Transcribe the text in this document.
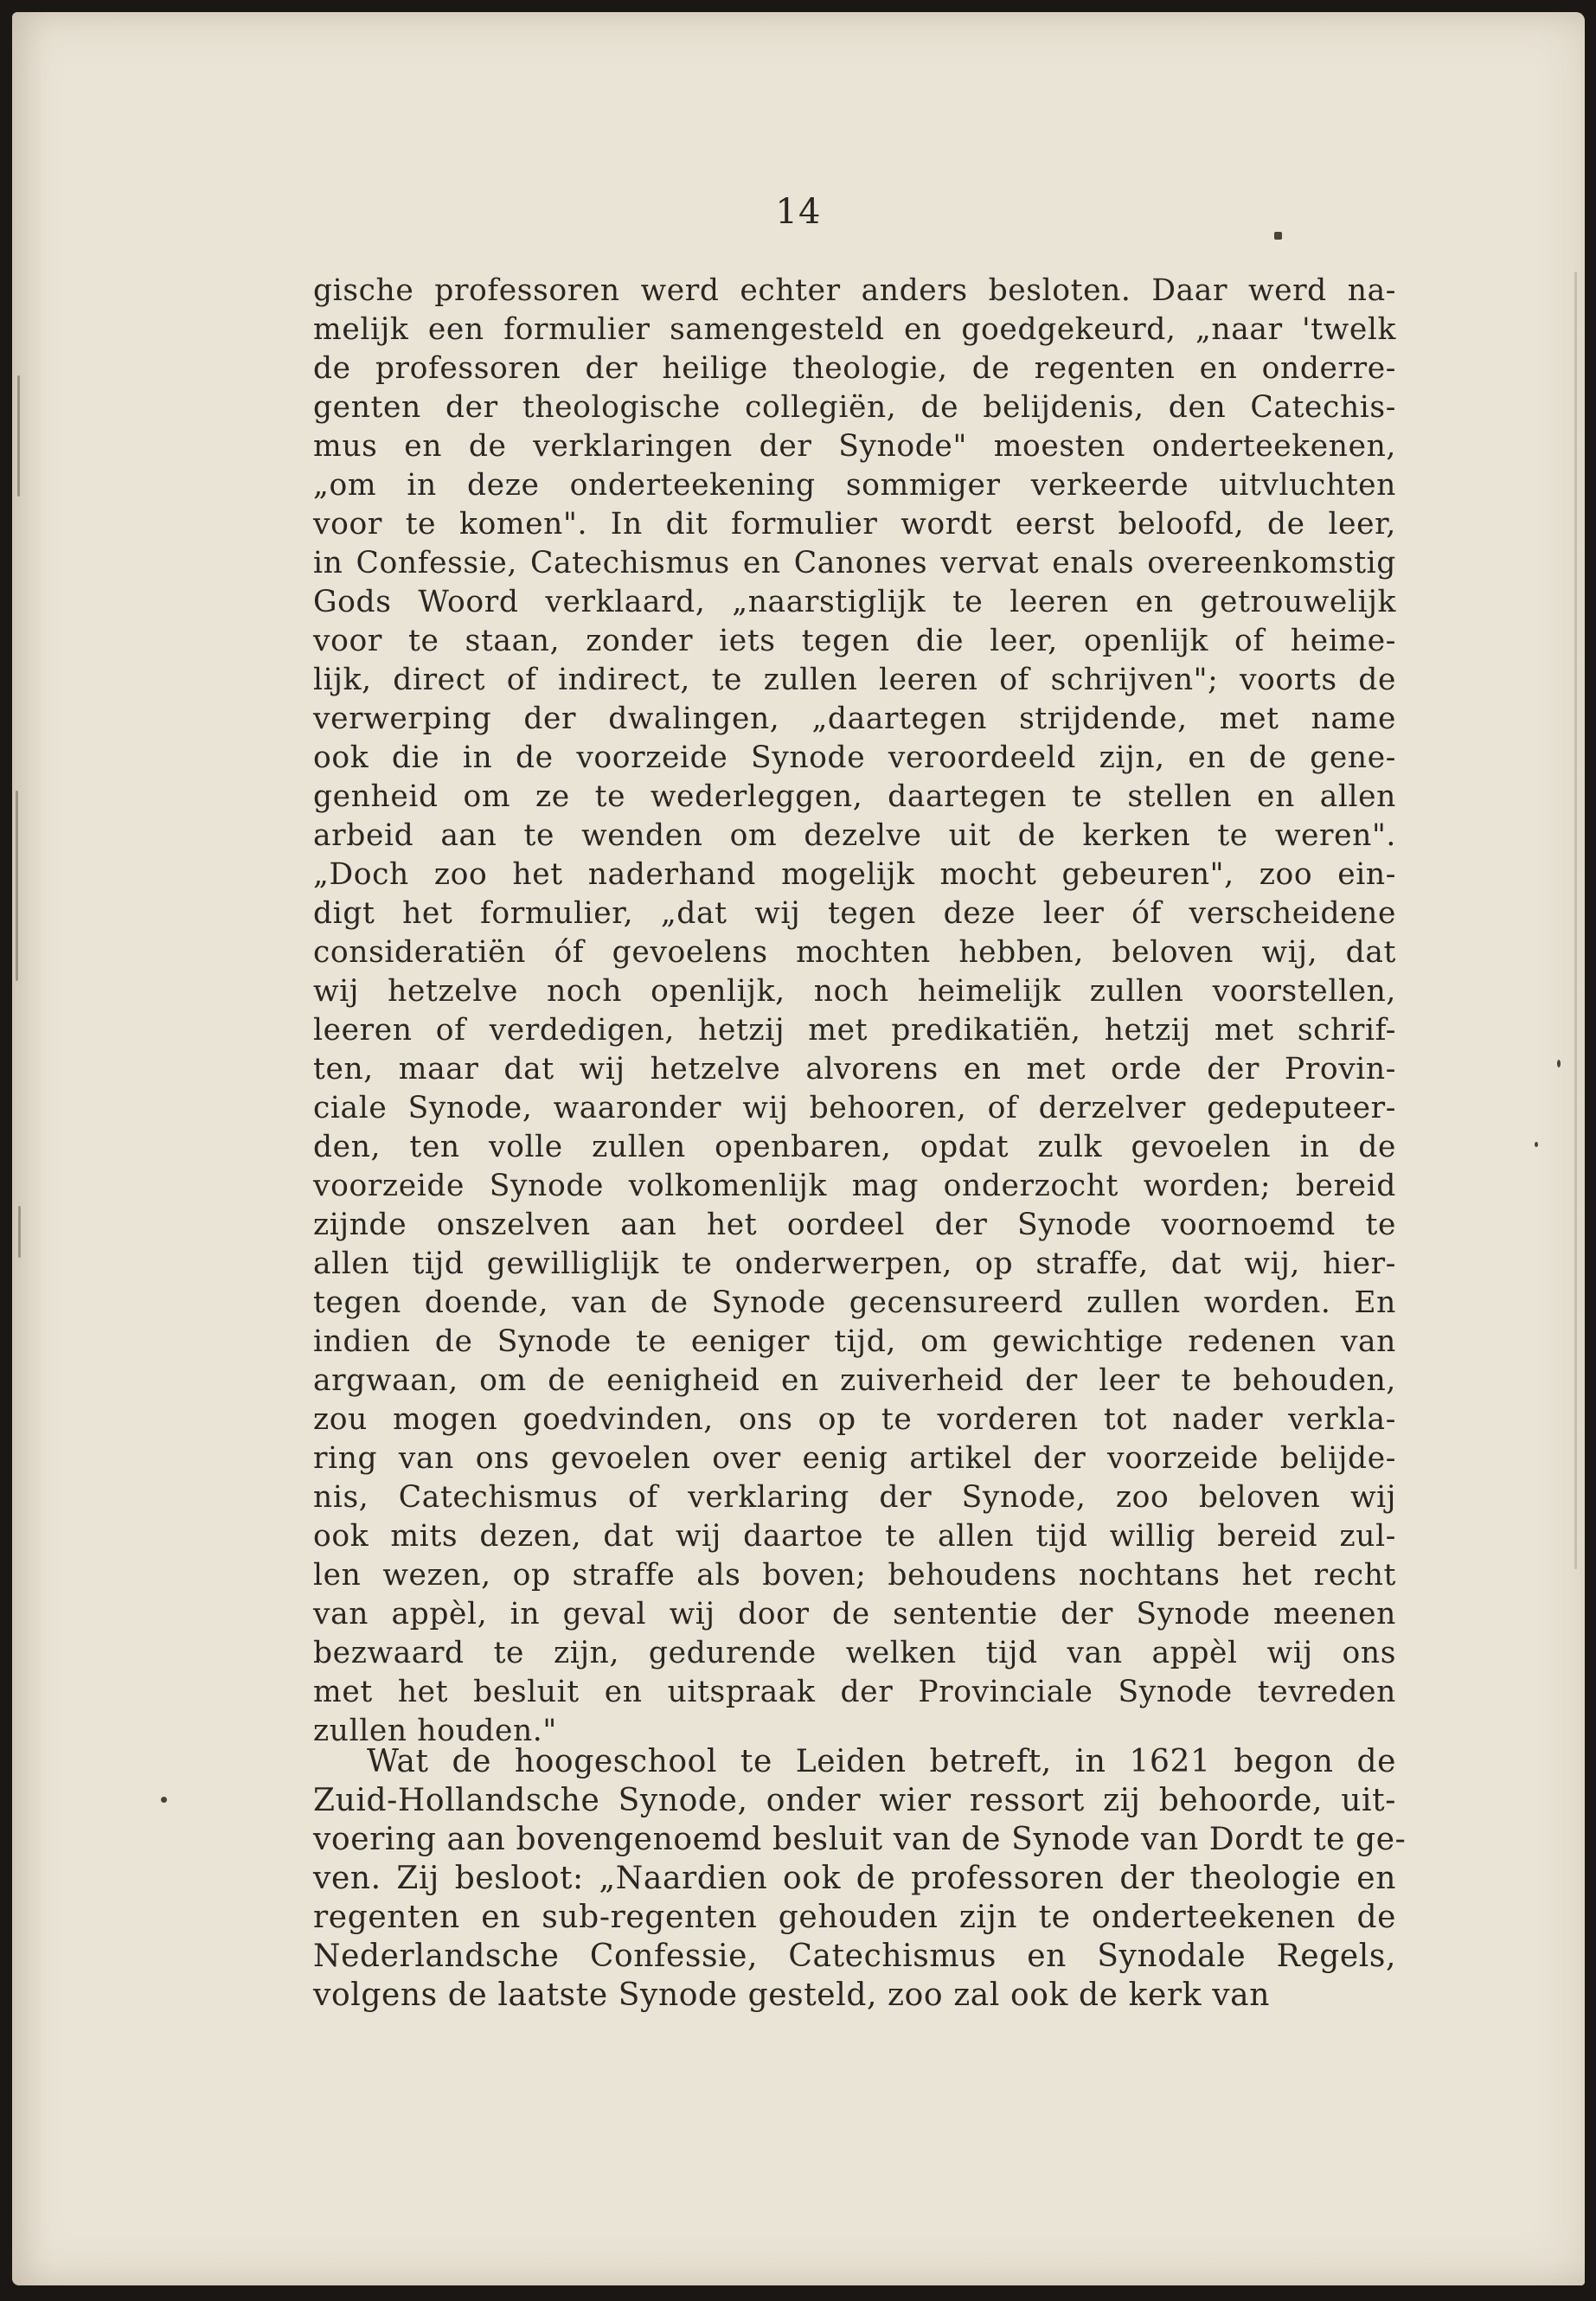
14
gische professoren werd echter anders besloten. Daar werd na-
melijk een formulier samengesteld en goedgekeurd, „naar 'twelk
de professoren der heilige theologie, de regenten en onderre-
genten der theologische collegiën, de belijdenis, den Catechis-
mus en de verklaringen der Synode" moesten onderteekenen,
„om in deze onderteekening sommiger verkeerde uitvluchten
voor te komen". In dit formulier wordt eerst beloofd, de leer,
in Confessie, Catechismus en Canones vervat enals overeenkomstig
Gods Woord verklaard, „naarstiglijk te leeren en getrouwelijk
voor te staan, zonder iets tegen die leer, openlijk of heime-
lijk, direct of indirect, te zullen leeren of schrijven"; voorts de
verwerping der dwalingen, „daartegen strijdende, met name
ook die in de voorzeide Synode veroordeeld zijn, en de gene-
genheid om ze te wederleggen, daartegen te stellen en allen
arbeid aan te wenden om dezelve uit de kerken te weren".
„Doch zoo het naderhand mogelijk mocht gebeuren", zoo ein-
digt het formulier, „dat wij tegen deze leer óf verscheidene
consideratiën óf gevoelens mochten hebben, beloven wij, dat
wij hetzelve noch openlijk, noch heimelijk zullen voorstellen,
leeren of verdedigen, hetzij met predikatiën, hetzij met schrif-
ten, maar dat wij hetzelve alvorens en met orde der Provin-
ciale Synode, waaronder wij behooren, of derzelver gedeputeer-
den, ten volle zullen openbaren, opdat zulk gevoelen in de
voorzeide Synode volkomenlijk mag onderzocht worden; bereid
zijnde onszelven aan het oordeel der Synode voornoemd te
allen tijd gewilliglijk te onderwerpen, op straffe, dat wij, hier-
tegen doende, van de Synode gecensureerd zullen worden. En
indien de Synode te eeniger tijd, om gewichtige redenen van
argwaan, om de eenigheid en zuiverheid der leer te behouden,
zou mogen goedvinden, ons op te vorderen tot nader verkla-
ring van ons gevoelen over eenig artikel der voorzeide belijde-
nis, Catechismus of verklaring der Synode, zoo beloven wij
ook mits dezen, dat wij daartoe te allen tijd willig bereid zul-
len wezen, op straffe als boven; behoudens nochtans het recht
van appèl, in geval wij door de sententie der Synode meenen
bezwaard te zijn, gedurende welken tijd van appèl wij ons
met het besluit en uitspraak der Provinciale Synode tevreden
zullen houden."
Wat de hoogeschool te Leiden betreft, in 1621 begon de
Zuid-Hollandsche Synode, onder wier ressort zij behoorde, uit-
voering aan bovengenoemd besluit van de Synode van Dordt te ge-
ven. Zij besloot: „Naardien ook de professoren der theologie en
regenten en sub-regenten gehouden zijn te onderteekenen de
Nederlandsche Confessie, Catechismus en Synodale Regels,
volgens de laatste Synode gesteld, zoo zal ook de kerk van
